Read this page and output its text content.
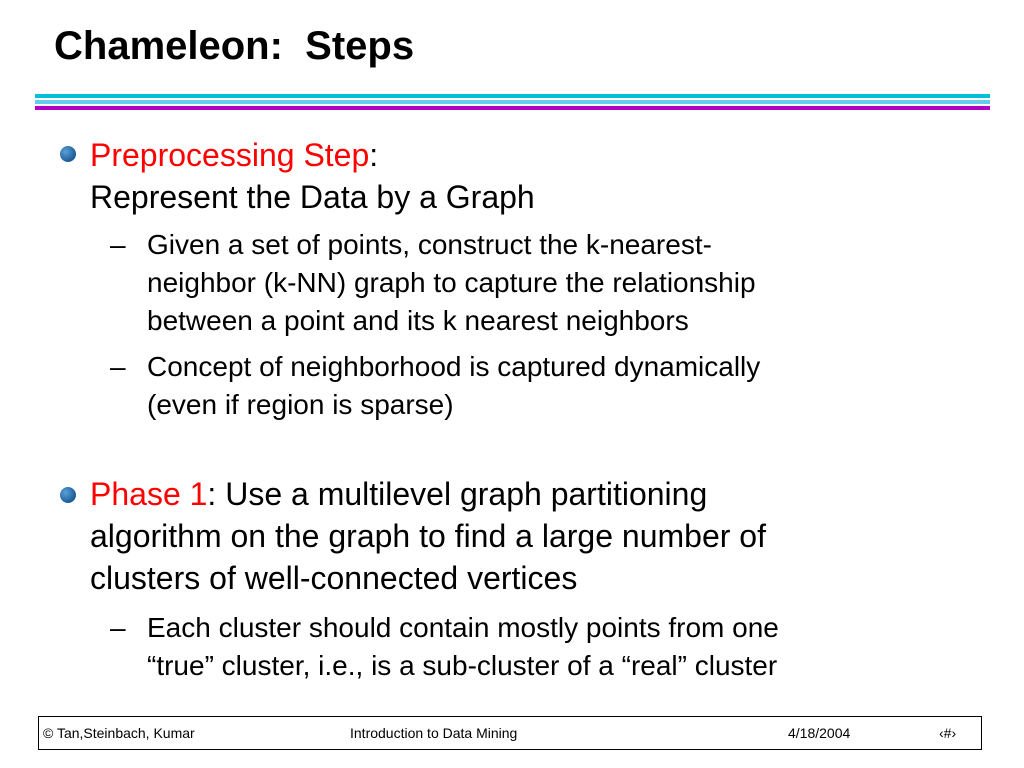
Chameleon:  Steps

Preprocessing Step:

Represent the Data by a Graph

– Given a set of points, construct the k-nearest-

neighbor (k-NN) graph to capture the relationship

between a point and its k nearest neighbors

– Concept of neighborhood is captured dynamically

(even if region is sparse)

Phase 1: Use a multilevel graph partitioning

algorithm on the graph to find a large number of

clusters of well-connected vertices

– Each cluster should contain mostly points from one

“true” cluster, i.e., is a sub-cluster of a “real” cluster

© Tan,Steinbach, Kumar	Introduction to Data Mining	4/18/2004	‹#›
